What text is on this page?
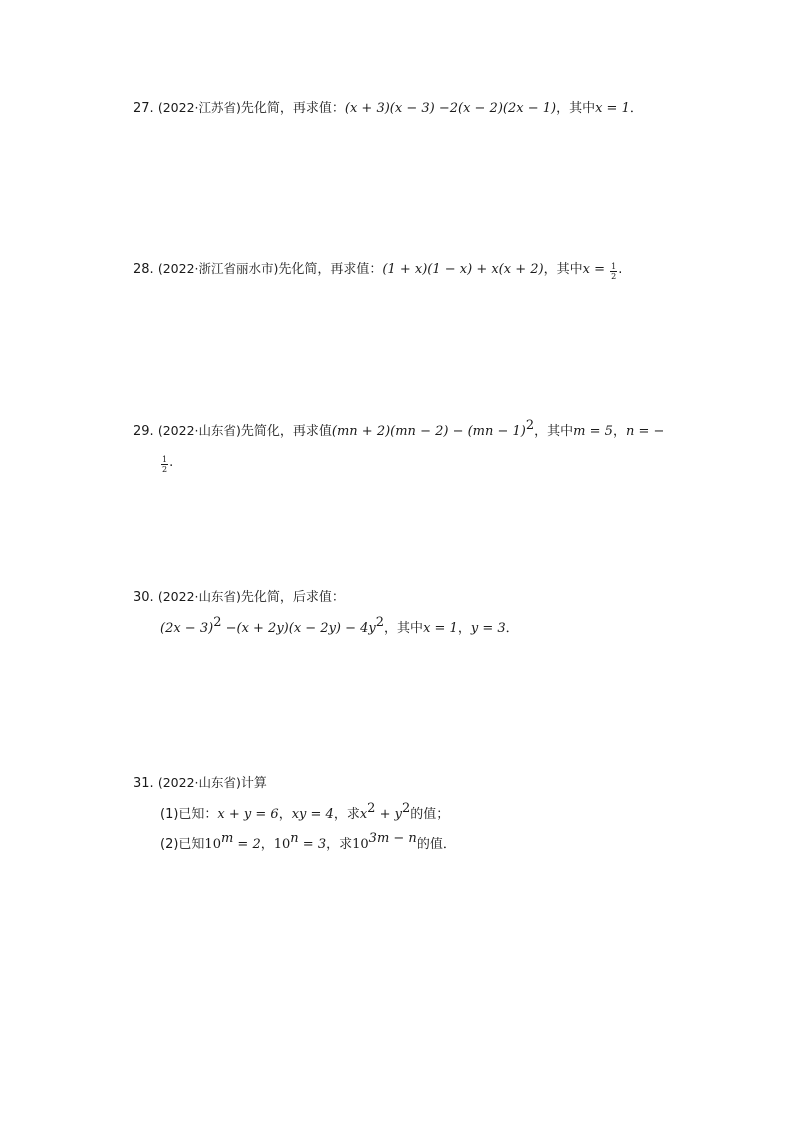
27. (2022·江苏省)先化简，再求值：(x + 3)(x − 3) −2(x − 2)(2x − 1)，其中x = 1．
28. (2022·浙江省丽水市)先化简，再求值：(1 + x)(1 − x) + x(x + 2)，其中$x = \frac{1}{2}$ .
29. (2022·山东省)先简化，再求值(mn + 2)(mn − 2) − (mn − 1)$^2$，其中m = 5，n = −
$\frac{1}{2}$ .
30. (2022·山东省)先化简，后求值：
$(2x - 3)^2 -(x + 2y)(x - 2y) - 4y^2$，其中x = 1，y = 3．
31. (2022·山东省)计算
(1)已知：x + y = 6，xy = 4，求$x^2 + y^2$的值；
(2)已知$10^m = 2$，$10^n = 3$，求$10^{3m - n}$的值．
